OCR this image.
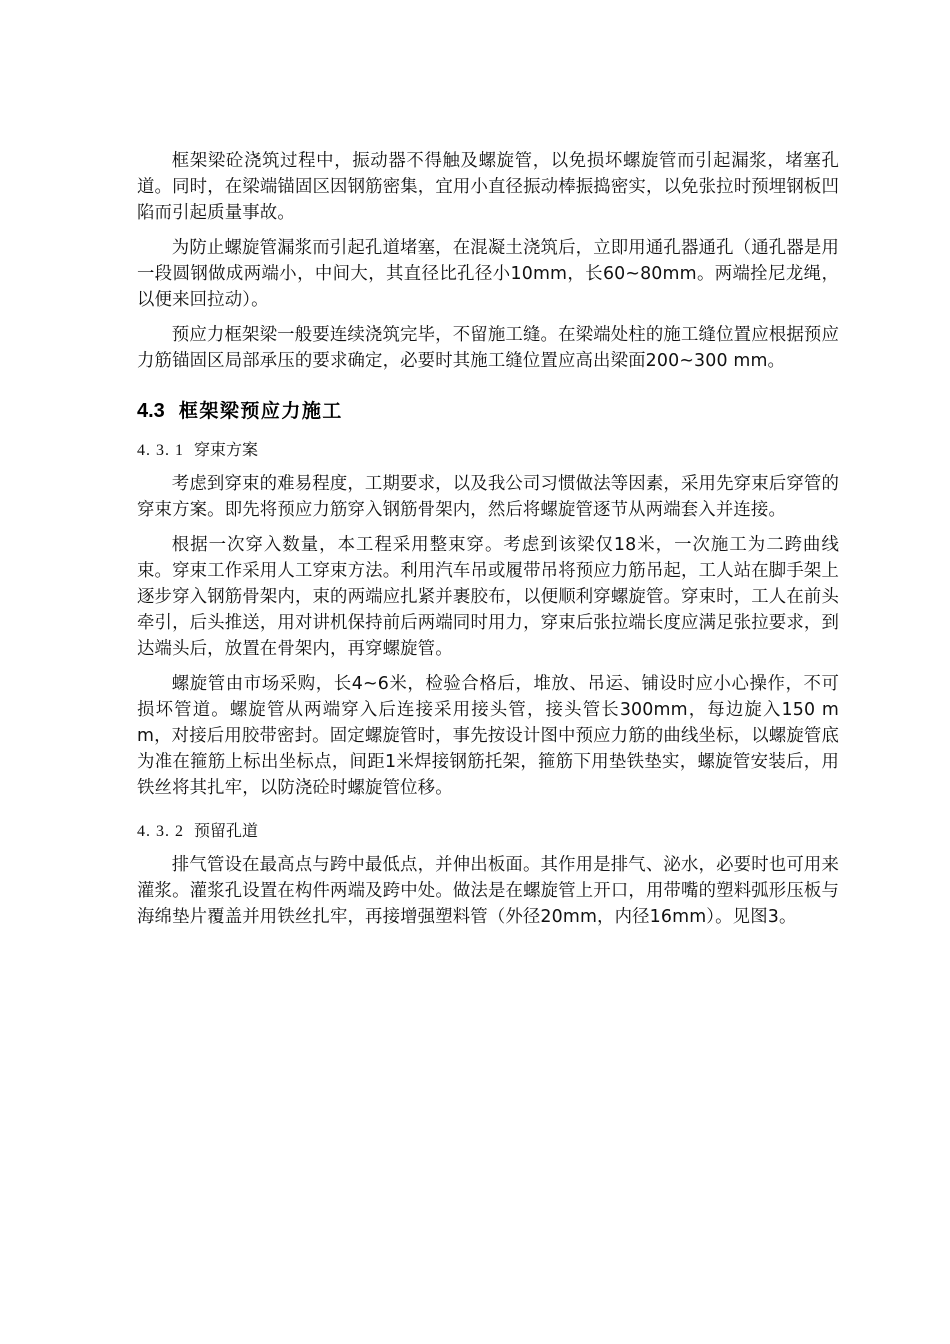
框架梁砼浇筑过程中，振动器不得触及螺旋管，以免损坏螺旋管而引起漏浆，堵塞孔道。同时，在梁端锚固区因钢筋密集，宜用小直径振动棒振捣密实，以免张拉时预埋钢板凹陷而引起质量事故。

为防止螺旋管漏浆而引起孔道堵塞，在混凝土浇筑后，立即用通孔器通孔（通孔器是用一段圆钢做成两端小，中间大，其直径比孔径小10mm，长60~80mm。两端拴尼龙绳，以便来回拉动）。

预应力框架梁一般要连续浇筑完毕，不留施工缝。在梁端处柱的施工缝位置应根据预应力筋锚固区局部承压的要求确定，必要时其施工缝位置应高出梁面200~300 mm。

4.3 框架梁预应力施工
4. 3. 1 穿束方案

考虑到穿束的难易程度，工期要求，以及我公司习惯做法等因素，采用先穿束后穿管的穿束方案。即先将预应力筋穿入钢筋骨架内，然后将螺旋管逐节从两端套入并连接。

根据一次穿入数量，本工程采用整束穿。考虑到该梁仅18米，一次施工为二跨曲线束。穿束工作采用人工穿束方法。利用汽车吊或履带吊将预应力筋吊起，工人站在脚手架上逐步穿入钢筋骨架内，束的两端应扎紧并裹胶布，以便顺利穿螺旋管。穿束时，工人在前头牵引，后头推送，用对讲机保持前后两端同时用力，穿束后张拉端长度应满足张拉要求，到达端头后，放置在骨架内，再穿螺旋管。

螺旋管由市场采购，长4~6米，检验合格后，堆放、吊运、铺设时应小心操作，不可损坏管道。螺旋管从两端穿入后连接采用接头管，接头管长300mm，每边旋入150 mm，对接后用胶带密封。固定螺旋管时，事先按设计图中预应力筋的曲线坐标，以螺旋管底为准在箍筋上标出坐标点，间距1米焊接钢筋托架，箍筋下用垫铁垫实，螺旋管安装后，用铁丝将其扎牢，以防浇砼时螺旋管位移。

4. 3. 2 预留孔道

排气管设在最高点与跨中最低点，并伸出板面。其作用是排气、泌水，必要时也可用来灌浆。灌浆孔设置在构件两端及跨中处。做法是在螺旋管上开口，用带嘴的塑料弧形压板与海绵垫片覆盖并用铁丝扎牢，再接增强塑料管（外径20mm，内径16mm）。见图3。
